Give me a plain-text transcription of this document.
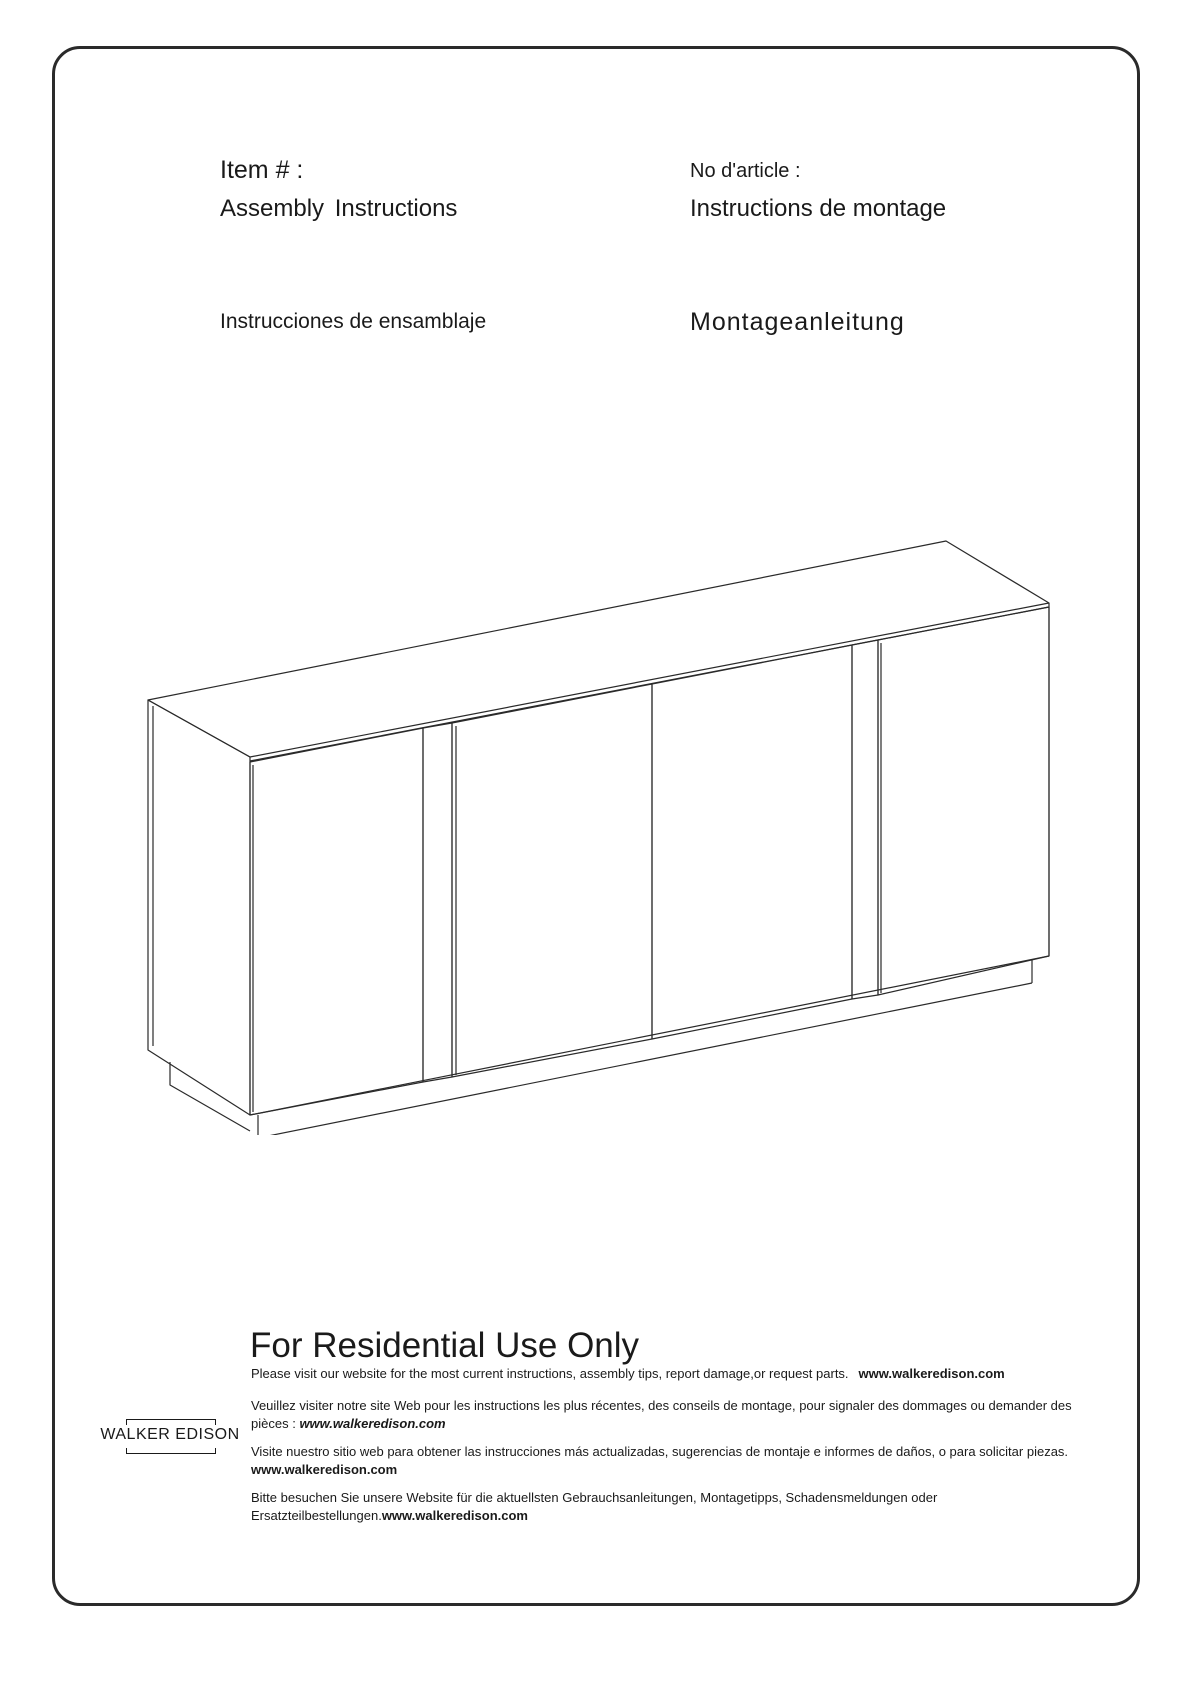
Item # :	No d'article :

Assembly Instructions	Instructions de montage

Instrucciones de ensamblaje	Montageanleitung

For Residential Use Only

Please visit our website for the most current instructions, assembly tips, report damage,or request parts. www.walkeredison.com

Veuillez visiter notre site Web pour les instructions les plus récentes, des conseils de montage, pour signaler des dommages ou demander des pièces : www.walkeredison.com

Visite nuestro sitio web para obtener las instrucciones más actualizadas, sugerencias de montaje e informes de daños, o para solicitar piezas. www.walkeredison.com

Bitte besuchen Sie unsere Website für die aktuellsten Gebrauchsanleitungen, Montagetipps, Schadensmeldungen oder Ersatzteilbestellungen.www.walkeredison.com

WALKER EDISON
